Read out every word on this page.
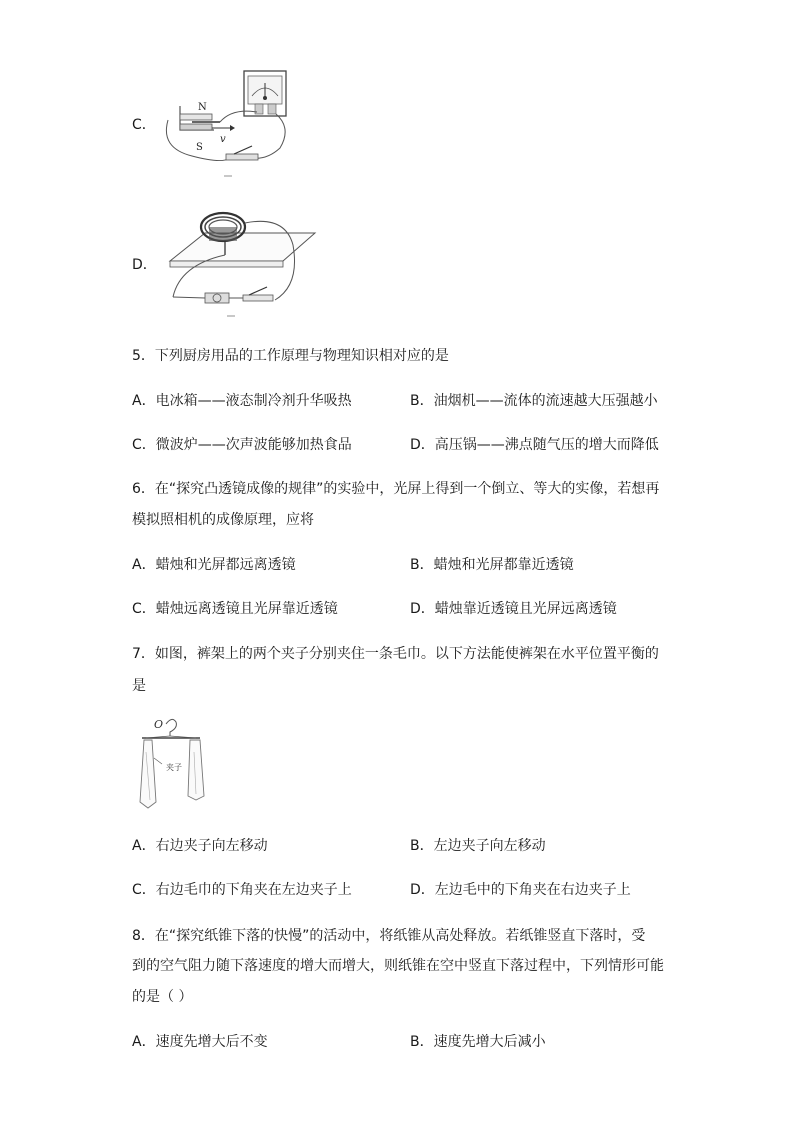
C．
N
S
v
D．
5．下列厨房用品的工作原理与物理知识相对应的是
A．电冰箱——液态制冷剂升华吸热	B．油烟机——流体的流速越大压强越小
C．微波炉——次声波能够加热食品	D．高压锅——沸点随气压的增大而降低
6．在“探究凸透镜成像的规律”的实验中，光屏上得到一个倒立、等大的实像，若想再
模拟照相机的成像原理，应将
A．蜡烛和光屏都远离透镜	B．蜡烛和光屏都靠近透镜
C．蜡烛远离透镜且光屏靠近透镜	D．蜡烛靠近透镜且光屏远离透镜
7．如图，裤架上的两个夹子分别夹住一条毛巾。以下方法能使裤架在水平位置平衡的
是
O
夹子
A．右边夹子向左移动	B．左边夹子向左移动
C．右边毛巾的下角夹在左边夹子上	D．左边毛中的下角夹在右边夹子上
8．在“探究纸锥下落的快慢”的活动中，将纸锥从高处释放。若纸锥竖直下落时，受
到的空气阻力随下落速度的增大而增大，则纸锥在空中竖直下落过程中，下列情形可能
的是（ ）
A．速度先增大后不变	B．速度先增大后减小
